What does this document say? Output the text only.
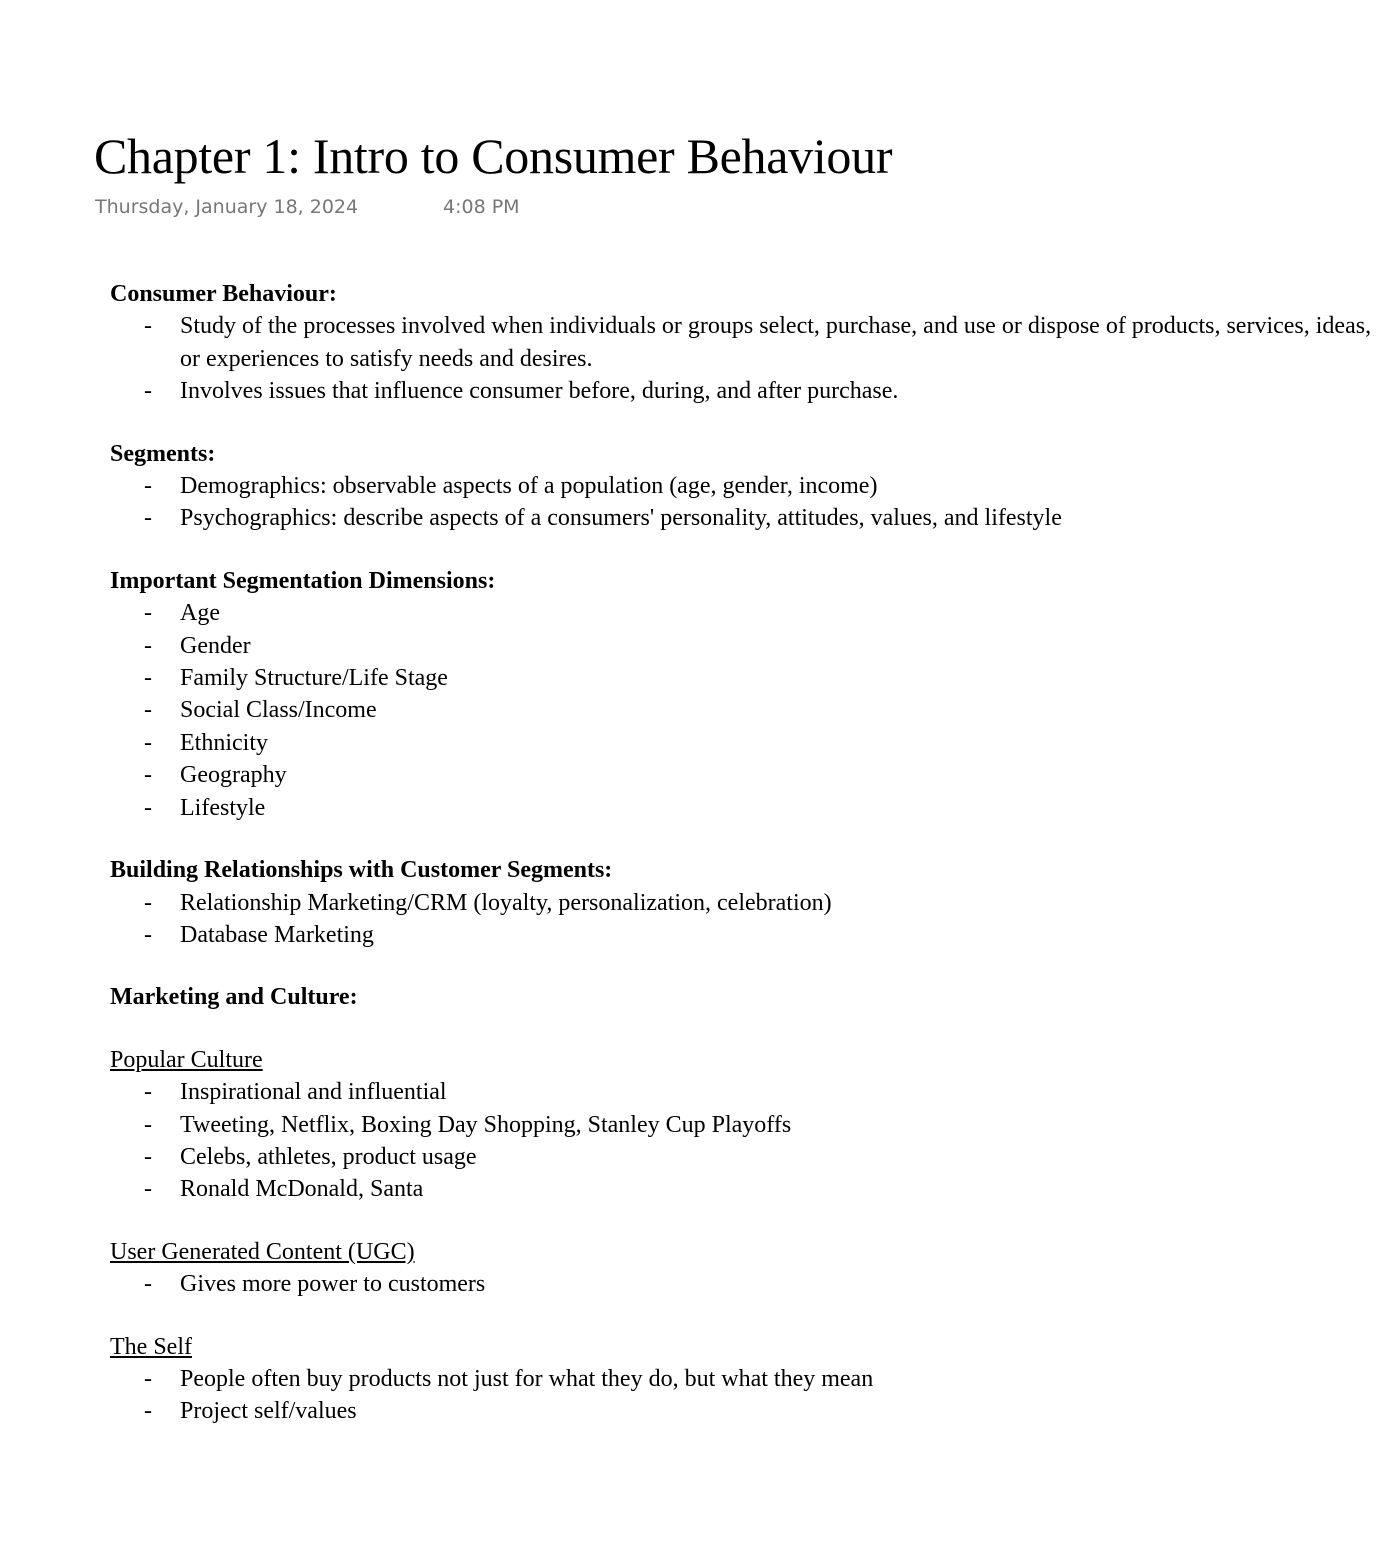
Chapter 1: Intro to Consumer Behaviour
Thursday, January 18, 2024	4:08 PM
Consumer Behaviour:
- Study of the processes involved when individuals or groups select, purchase, and use or dispose of products, services, ideas, or experiences to satisfy needs and desires.
- Involves issues that influence consumer before, during, and after purchase.
Segments:
- Demographics: observable aspects of a population (age, gender, income)
- Psychographics: describe aspects of a consumers' personality, attitudes, values, and lifestyle
Important Segmentation Dimensions:
- Age
- Gender
- Family Structure/Life Stage
- Social Class/Income
- Ethnicity
- Geography
- Lifestyle
Building Relationships with Customer Segments:
- Relationship Marketing/CRM (loyalty, personalization, celebration)
- Database Marketing
Marketing and Culture:
Popular Culture
- Inspirational and influential
- Tweeting, Netflix, Boxing Day Shopping, Stanley Cup Playoffs
- Celebs, athletes, product usage
- Ronald McDonald, Santa
User Generated Content (UGC)
- Gives more power to customers
The Self
- People often buy products not just for what they do, but what they mean
- Project self/values
